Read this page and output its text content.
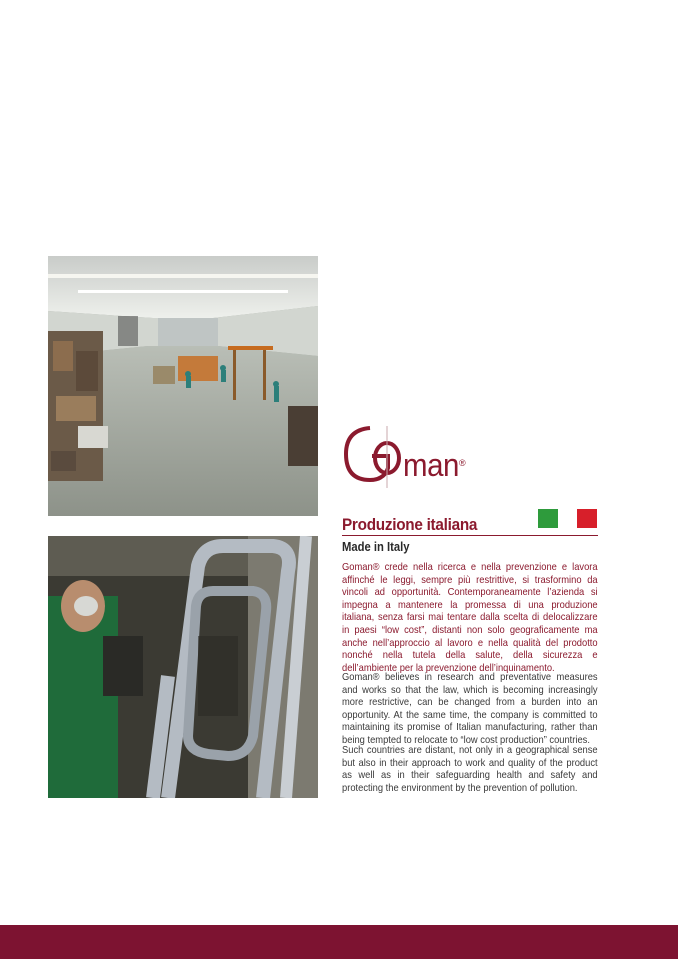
man ®
Produzione italiana
Made in Italy
Goman® crede nella ricerca e nella prevenzione e lavora affinché le leggi, sempre più restrittive, si trasformino da vincoli ad opportunità. Contemporaneamente l’azienda si impegna a mantenere la promessa di una produzione italiana, senza farsi mai tentare dalla scelta di delocalizzare in paesi “low cost”, distanti non solo geograficamente ma anche nell’approccio al lavoro e nella qualità del prodotto nonché nella tutela della salute, della sicurezza e dell’ambiente per la prevenzione dell’inquinamento.
Goman® believes in research and preventative measures and works so that the law, which is becoming increasingly more restrictive, can be changed from a burden into an opportunity. At the same time, the company is committed to maintaining its promise of Italian manufacturing, rather than being tempted to relocate to “low cost production” countries.
Such countries are distant, not only in a geographical sense but also in their approach to work and quality of the product as well as in their safeguarding health and safety and protecting the environment by the prevention of pollution.
